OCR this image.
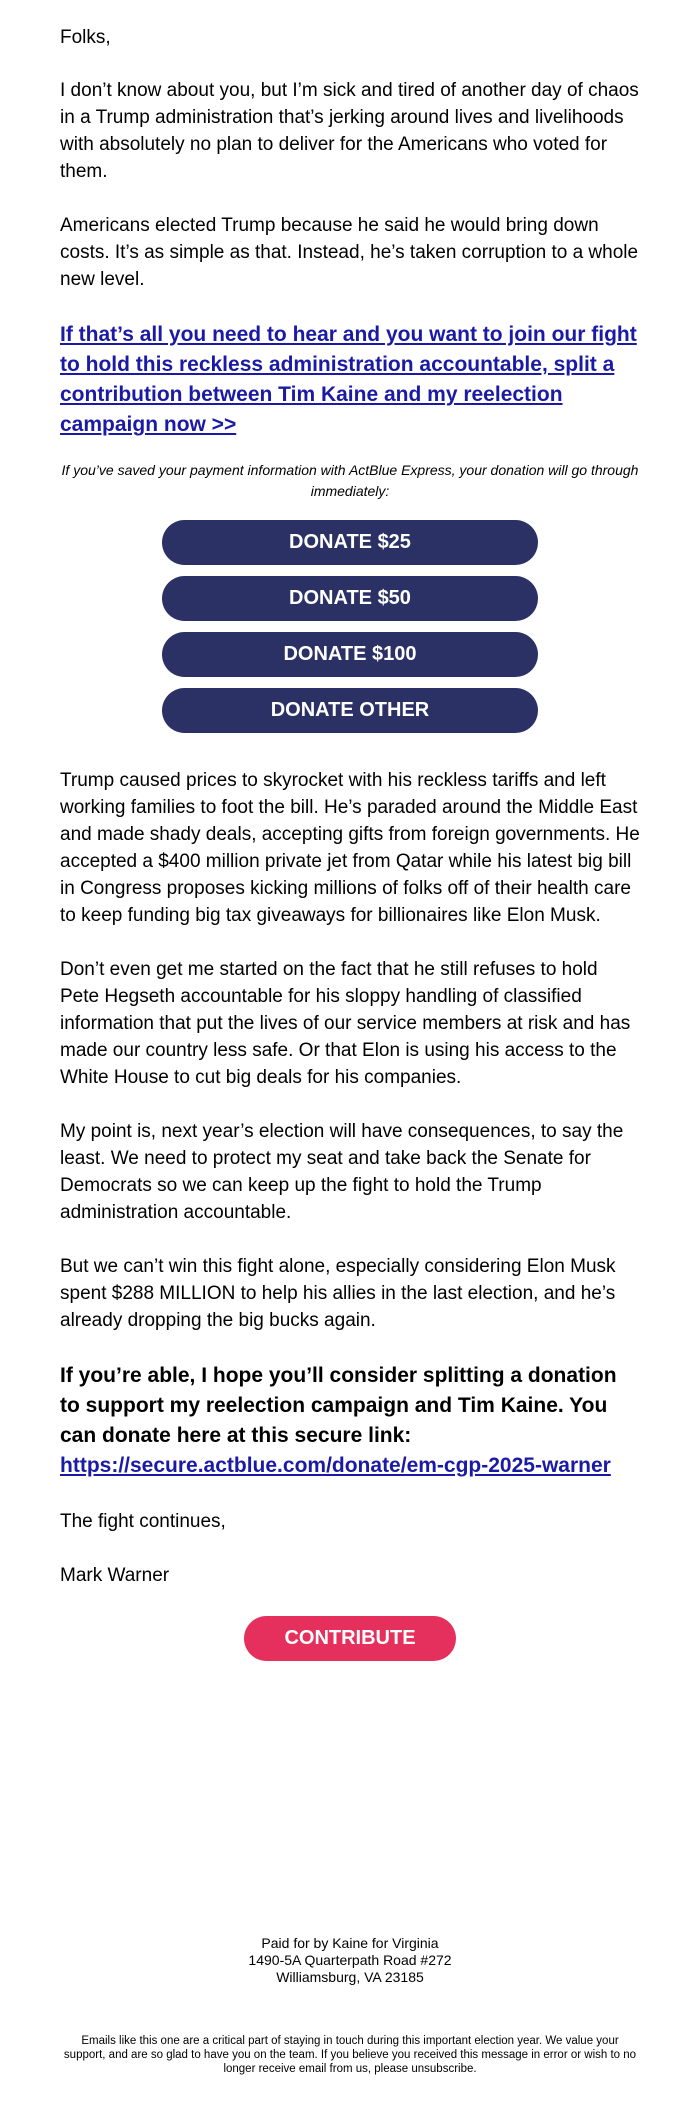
Folks,

I don’t know about you, but I’m sick and tired of another day of chaos in a Trump administration that’s jerking around lives and livelihoods with absolutely no plan to deliver for the Americans who voted for them.

Americans elected Trump because he said he would bring down costs. It’s as simple as that. Instead, he’s taken corruption to a whole new level.

If that’s all you need to hear and you want to join our fight to hold this reckless administration accountable, split a contribution between Tim Kaine and my reelection campaign now >>

If you’ve saved your payment information with ActBlue Express, your donation will go through immediately:

DONATE $25
DONATE $50
DONATE $100
DONATE OTHER

Trump caused prices to skyrocket with his reckless tariffs and left working families to foot the bill. He’s paraded around the Middle East and made shady deals, accepting gifts from foreign governments. He accepted a $400 million private jet from Qatar while his latest big bill in Congress proposes kicking millions of folks off of their health care to keep funding big tax giveaways for billionaires like Elon Musk.

Don’t even get me started on the fact that he still refuses to hold Pete Hegseth accountable for his sloppy handling of classified information that put the lives of our service members at risk and has made our country less safe. Or that Elon is using his access to the White House to cut big deals for his companies.

My point is, next year’s election will have consequences, to say the least. We need to protect my seat and take back the Senate for Democrats so we can keep up the fight to hold the Trump administration accountable.

But we can’t win this fight alone, especially considering Elon Musk spent $288 MILLION to help his allies in the last election, and he’s already dropping the big bucks again.

If you’re able, I hope you’ll consider splitting a donation to support my reelection campaign and Tim Kaine. You can donate here at this secure link: https://secure.actblue.com/donate/em-cgp-2025-warner

The fight continues,

Mark Warner

CONTRIBUTE
Paid for by Kaine for Virginia
1490-5A Quarterpath Road #272
Williamsburg, VA 23185

Emails like this one are a critical part of staying in touch during this important election year. We value your support, and are so glad to have you on the team. If you believe you received this message in error or wish to no longer receive email from us, please unsubscribe.
